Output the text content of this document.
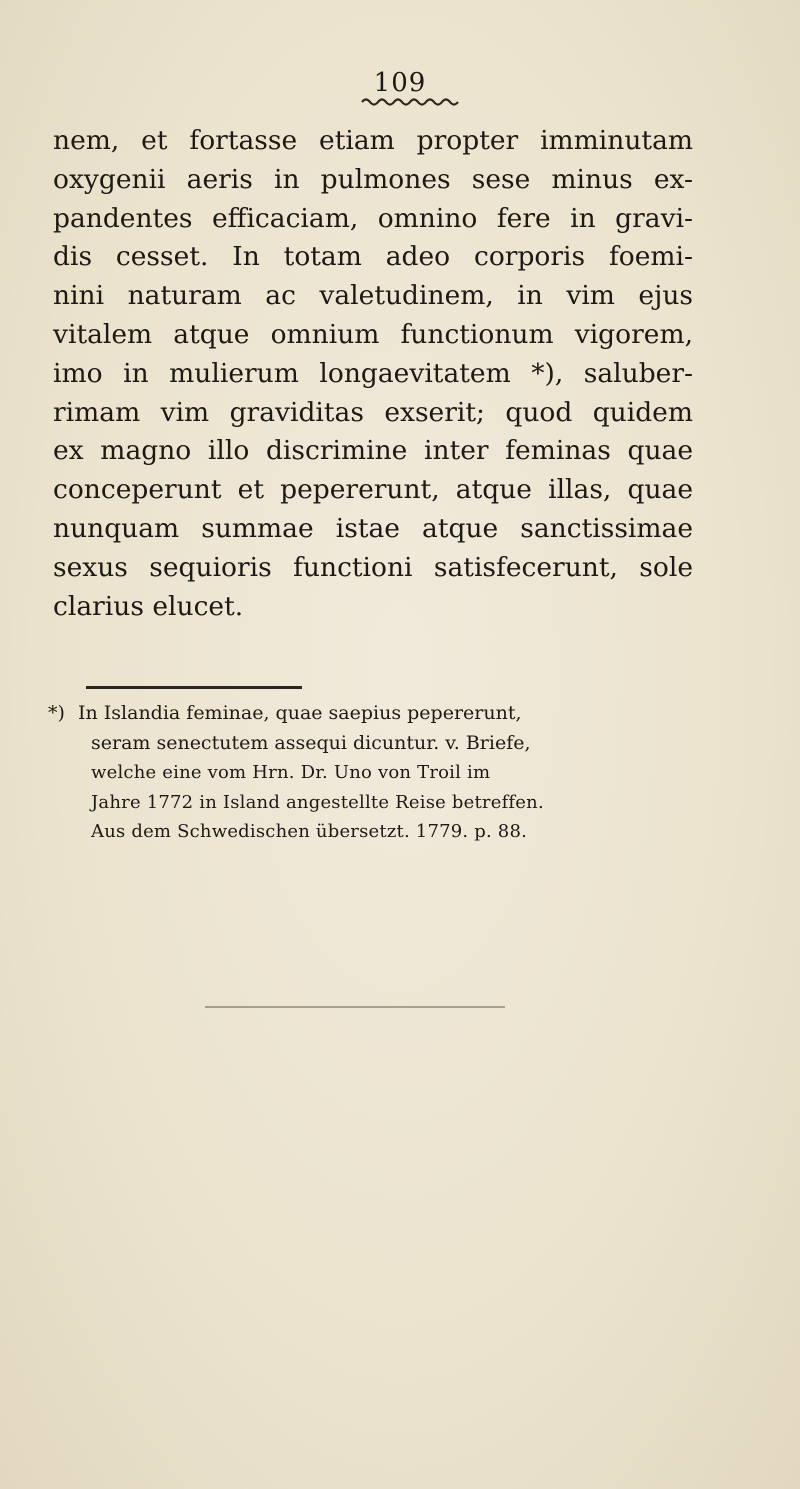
109
nem, et fortasse etiam propter imminutam
oxygenii aeris in pulmones sese minus ex-
pandentes efficaciam, omnino fere in gravi-
dis cesset. In totam adeo corporis foemi-
nini naturam ac valetudinem, in vim ejus
vitalem atque omnium functionum vigorem,
imo in mulierum longaevitatem *), saluber-
rimam vim graviditas exserit; quod quidem
ex magno illo discrimine inter feminas quae
conceperunt et pepererunt, atque illas, quae
nunquam summae istae atque sanctissimae
sexus sequioris functioni satisfecerunt, sole
clarius elucet.
*) In Islandia feminae, quae saepius pepererunt,
seram senectutem assequi dicuntur. v. Briefe,
welche eine vom Hrn. Dr. Uno von Troil im
Jahre 1772 in Island angestellte Reise betreffen.
Aus dem Schwedischen übersetzt. 1779. p. 88.
